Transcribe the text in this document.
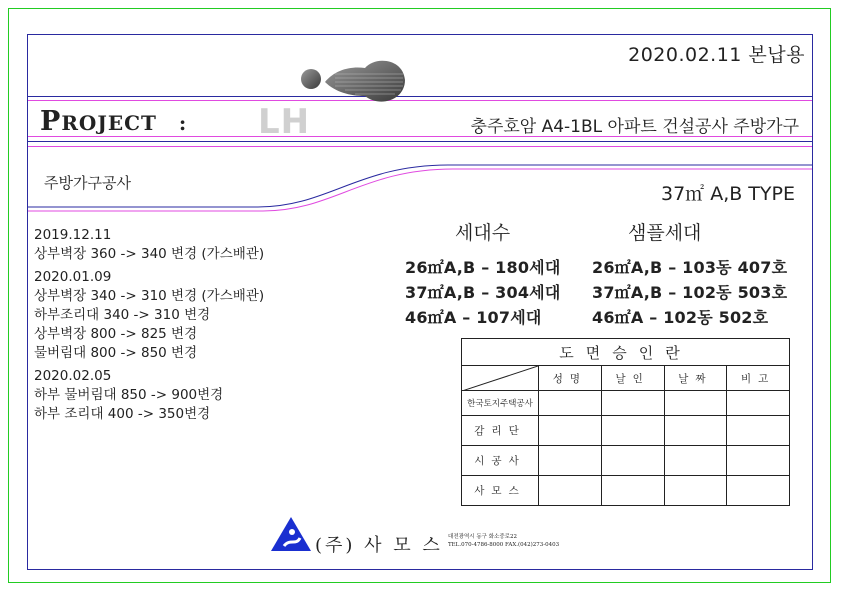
2020.02.11 본납용
PROJECT : LH	충주호암 A4-1BL 아파트 건설공사 주방가구
주방가구공사	37㎡ A,B TYPE
2019.12.11
상부벽장 360 -> 340 변경 (가스배관)
2020.01.09
상부벽장 340 -> 310 변경 (가스배관)
하부조리대 340 -> 310 변경
상부벽장 800 -> 825 변경
물버림대 800 -> 850 변경
2020.02.05
하부 물버림대 850 -> 900변경
하부 조리대 400 -> 350변경
세대수	샘플세대
26㎡A,B – 180세대 26㎡A,B – 103동 407호
37㎡A,B – 304세대 37㎡A,B – 102동 503호
46㎡A – 107세대	46㎡A – 102동 502호
도면승인란				

	성명	날인	날짜	비고
한국토지주택공사				
감리단				
시공사				
사모스				
(주) 사 모 스 대전광역시 동구 화소중로22
TEL.070-4786-8000 FAX.(042)273-0403
